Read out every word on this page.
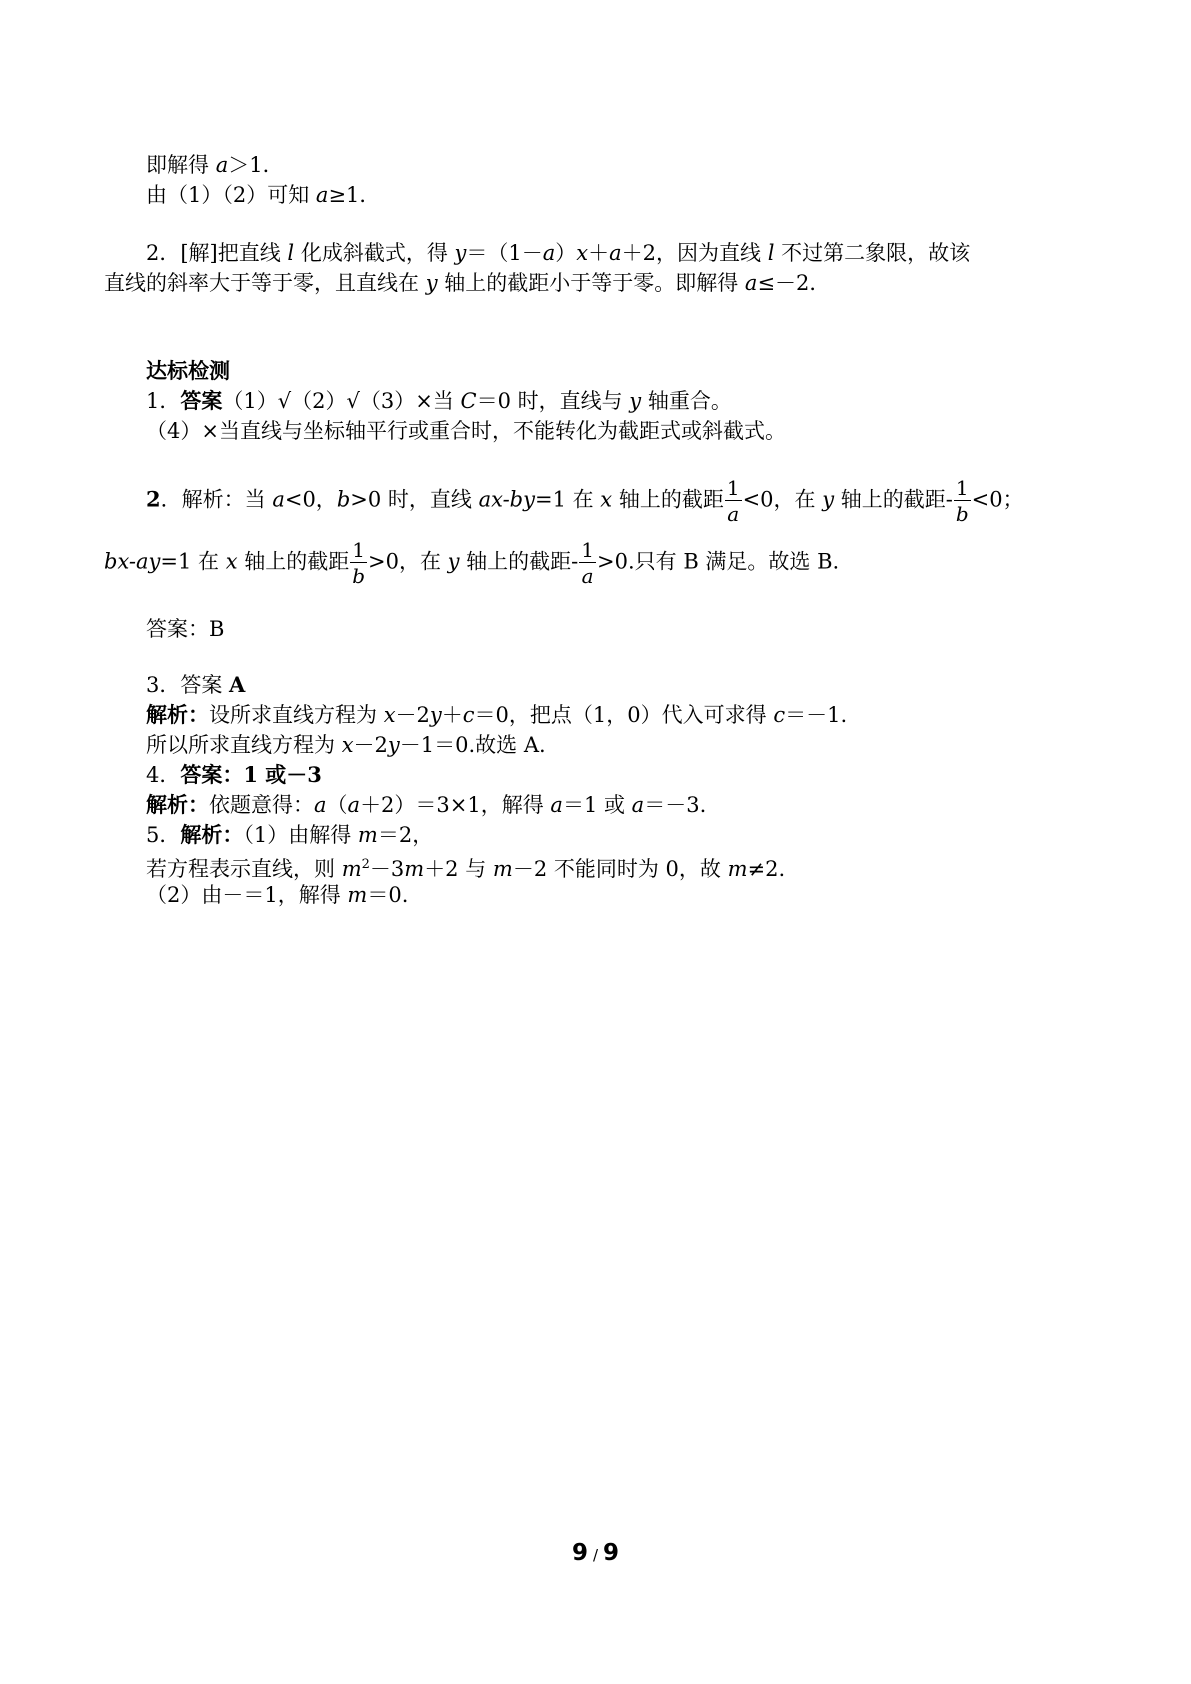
即解得 a＞1．
由（1）（2）可知 a≥1．
2．[解]把直线 l 化成斜截式，得 y＝（1－a）x＋a＋2，因为直线 l 不过第二象限，故该
直线的斜率大于等于零，且直线在 y 轴上的截距小于等于零。即解得 a≤－2．
达标检测
1．答案（1）√（2）√（3）×当 C＝0 时，直线与 y 轴重合。
（4）×当直线与坐标轴平行或重合时，不能转化为截距式或斜截式。
2．解析：当 a<0，b>0 时，直线 ax-by=1 在 x 轴上的截距 $\frac{1}{a} <0$，在 y 轴上的截距- $\frac{1}{b} <0$；
bx-ay=1 在 x 轴上的截距 $\frac{1}{b} >0$，在 y 轴上的截距- $\frac{1}{a} >0$.只有 B 满足。故选 B.
答案：B
3．答案 A
解析：设所求直线方程为 x－2y＋c＝0，把点（1，0）代入可求得 c＝－1.
所以所求直线方程为 x－2y－1＝0.故选 A.
4．答案：1 或－3
解析：依题意得：a（a＋2）＝3×1，解得 a＝1 或 a＝－3.
5．解析：（1）由解得 m＝2，
若方程表示直线，则 $m^2-3m+2$ 与 m－2 不能同时为 0，故 m≠2.
（2）由－＝1，解得 m＝0.
9 / 9
